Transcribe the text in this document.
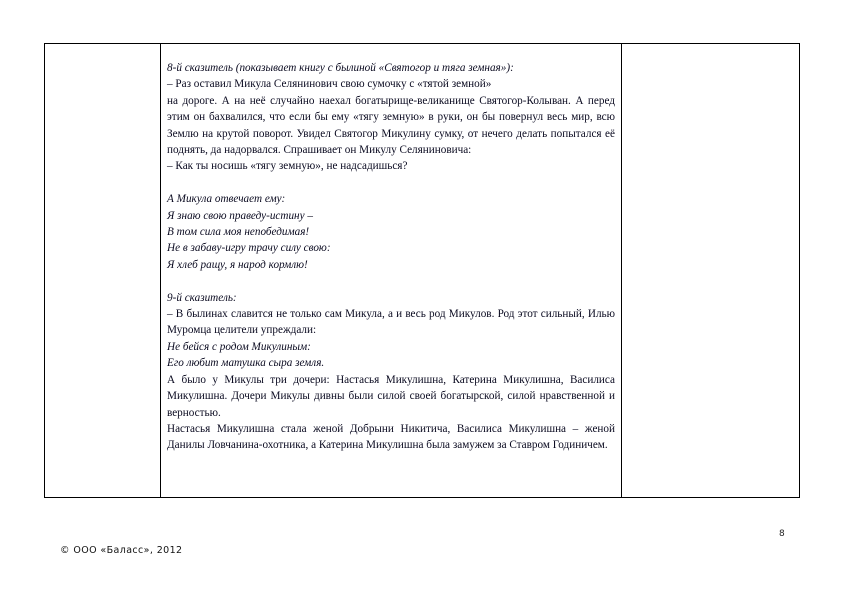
8-й сказитель (показывает книгу с былиной «Святогор и тяга земная»):

– Раз оставил Микула Селянинович свою сумочку с «тятой земной»

на дороге. А на неё случайно наехал богатырище-великанище Святогор-Колыван. А перед этим он бахвалился, что если бы ему «тягу земную» в руки, он бы повернул весь мир, всю Землю на крутой поворот. Увидел Святогор Микулину сумку, от нечего делать попытался её поднять, да надорвался. Спрашивает он Микулу Селяниновича:

– Как ты носишь «тягу земную», не надсадишься?

А Микула отвечает ему:

Я знаю свою праведу-истину –

В том сила моя непобедимая!

Не в забаву-игру трачу силу свою:

Я хлеб ращу, я народ кормлю!

9-й сказитель:

– В былинах славится не только сам Микула, а и весь род Микулов. Род этот сильный, Илью Муромца целители упреждали:

Не бейся с родом Микулиным:

Его любит матушка сыра земля.

А было у Микулы три дочери: Настасья Микулишна, Катерина Микулишна, Василиса Микулишна. Дочери Микулы дивны были силой своей богатырской, силой нравственной и верностью.

Настасья Микулишна стала женой Добрыни Никитича, Василиса Микулишна – женой Данилы Ловчанина-охотника, а Катерина Микулишна была замужем за Ставром Годиничем.

8
© ООО «Баласс», 2012
